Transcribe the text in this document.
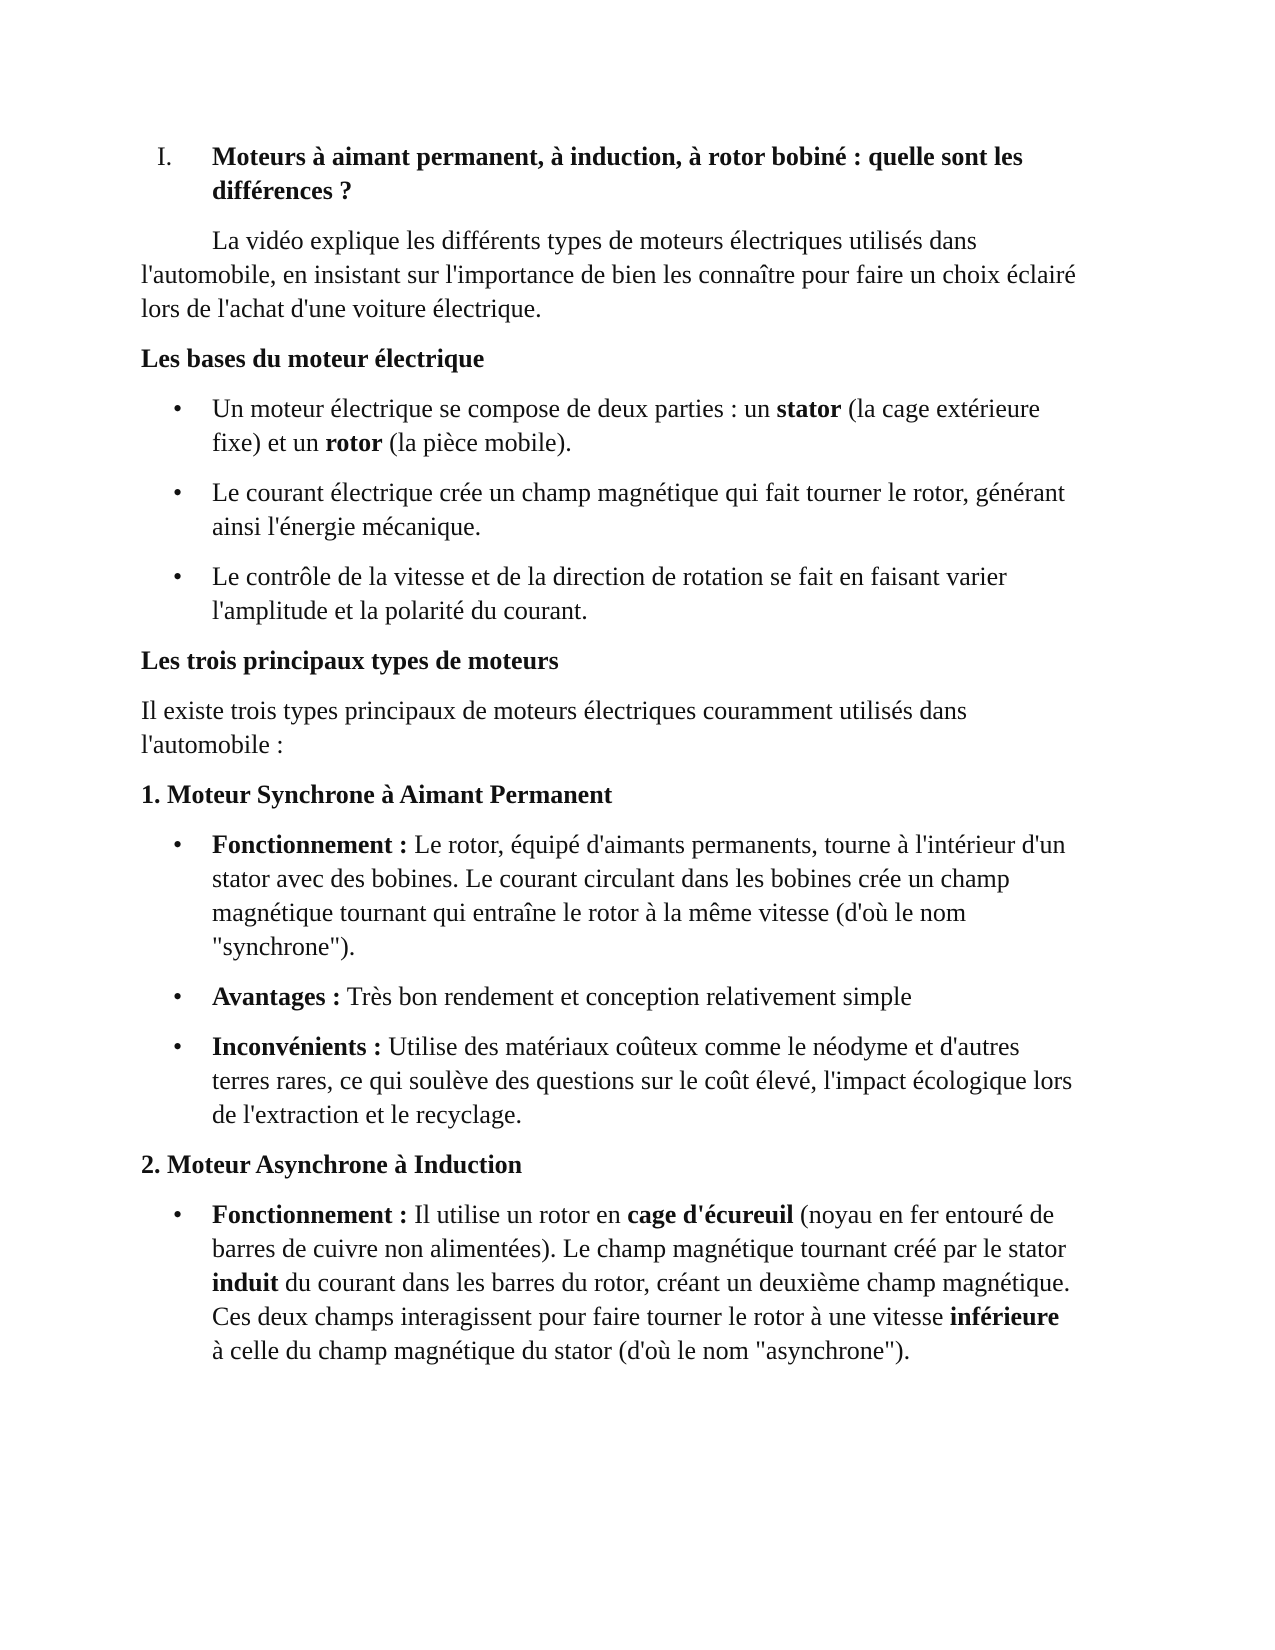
I. Moteurs à aimant permanent, à induction, à rotor bobiné : quelle sont les différences ?

La vidéo explique les différents types de moteurs électriques utilisés dans l'automobile, en insistant sur l'importance de bien les connaître pour faire un choix éclairé lors de l'achat d'une voiture électrique.

Les bases du moteur électrique
• Un moteur électrique se compose de deux parties : un stator (la cage extérieure fixe) et un rotor (la pièce mobile).
• Le courant électrique crée un champ magnétique qui fait tourner le rotor, générant ainsi l'énergie mécanique.
• Le contrôle de la vitesse et de la direction de rotation se fait en faisant varier l'amplitude et la polarité du courant.
Les trois principaux types de moteurs

Il existe trois types principaux de moteurs électriques couramment utilisés dans l'automobile :

1. Moteur Synchrone à Aimant Permanent
• Fonctionnement : Le rotor, équipé d'aimants permanents, tourne à l'intérieur d'un stator avec des bobines. Le courant circulant dans les bobines crée un champ magnétique tournant qui entraîne le rotor à la même vitesse (d'où le nom "synchrone").
• Avantages : Très bon rendement et conception relativement simple
• Inconvénients : Utilise des matériaux coûteux comme le néodyme et d'autres terres rares, ce qui soulève des questions sur le coût élevé, l'impact écologique lors de l'extraction et le recyclage.
2. Moteur Asynchrone à Induction
• Fonctionnement : Il utilise un rotor en cage d'écureuil (noyau en fer entouré de barres de cuivre non alimentées). Le champ magnétique tournant créé par le stator induit du courant dans les barres du rotor, créant un deuxième champ magnétique. Ces deux champs interagissent pour faire tourner le rotor à une vitesse inférieure à celle du champ magnétique du stator (d'où le nom "asynchrone").
